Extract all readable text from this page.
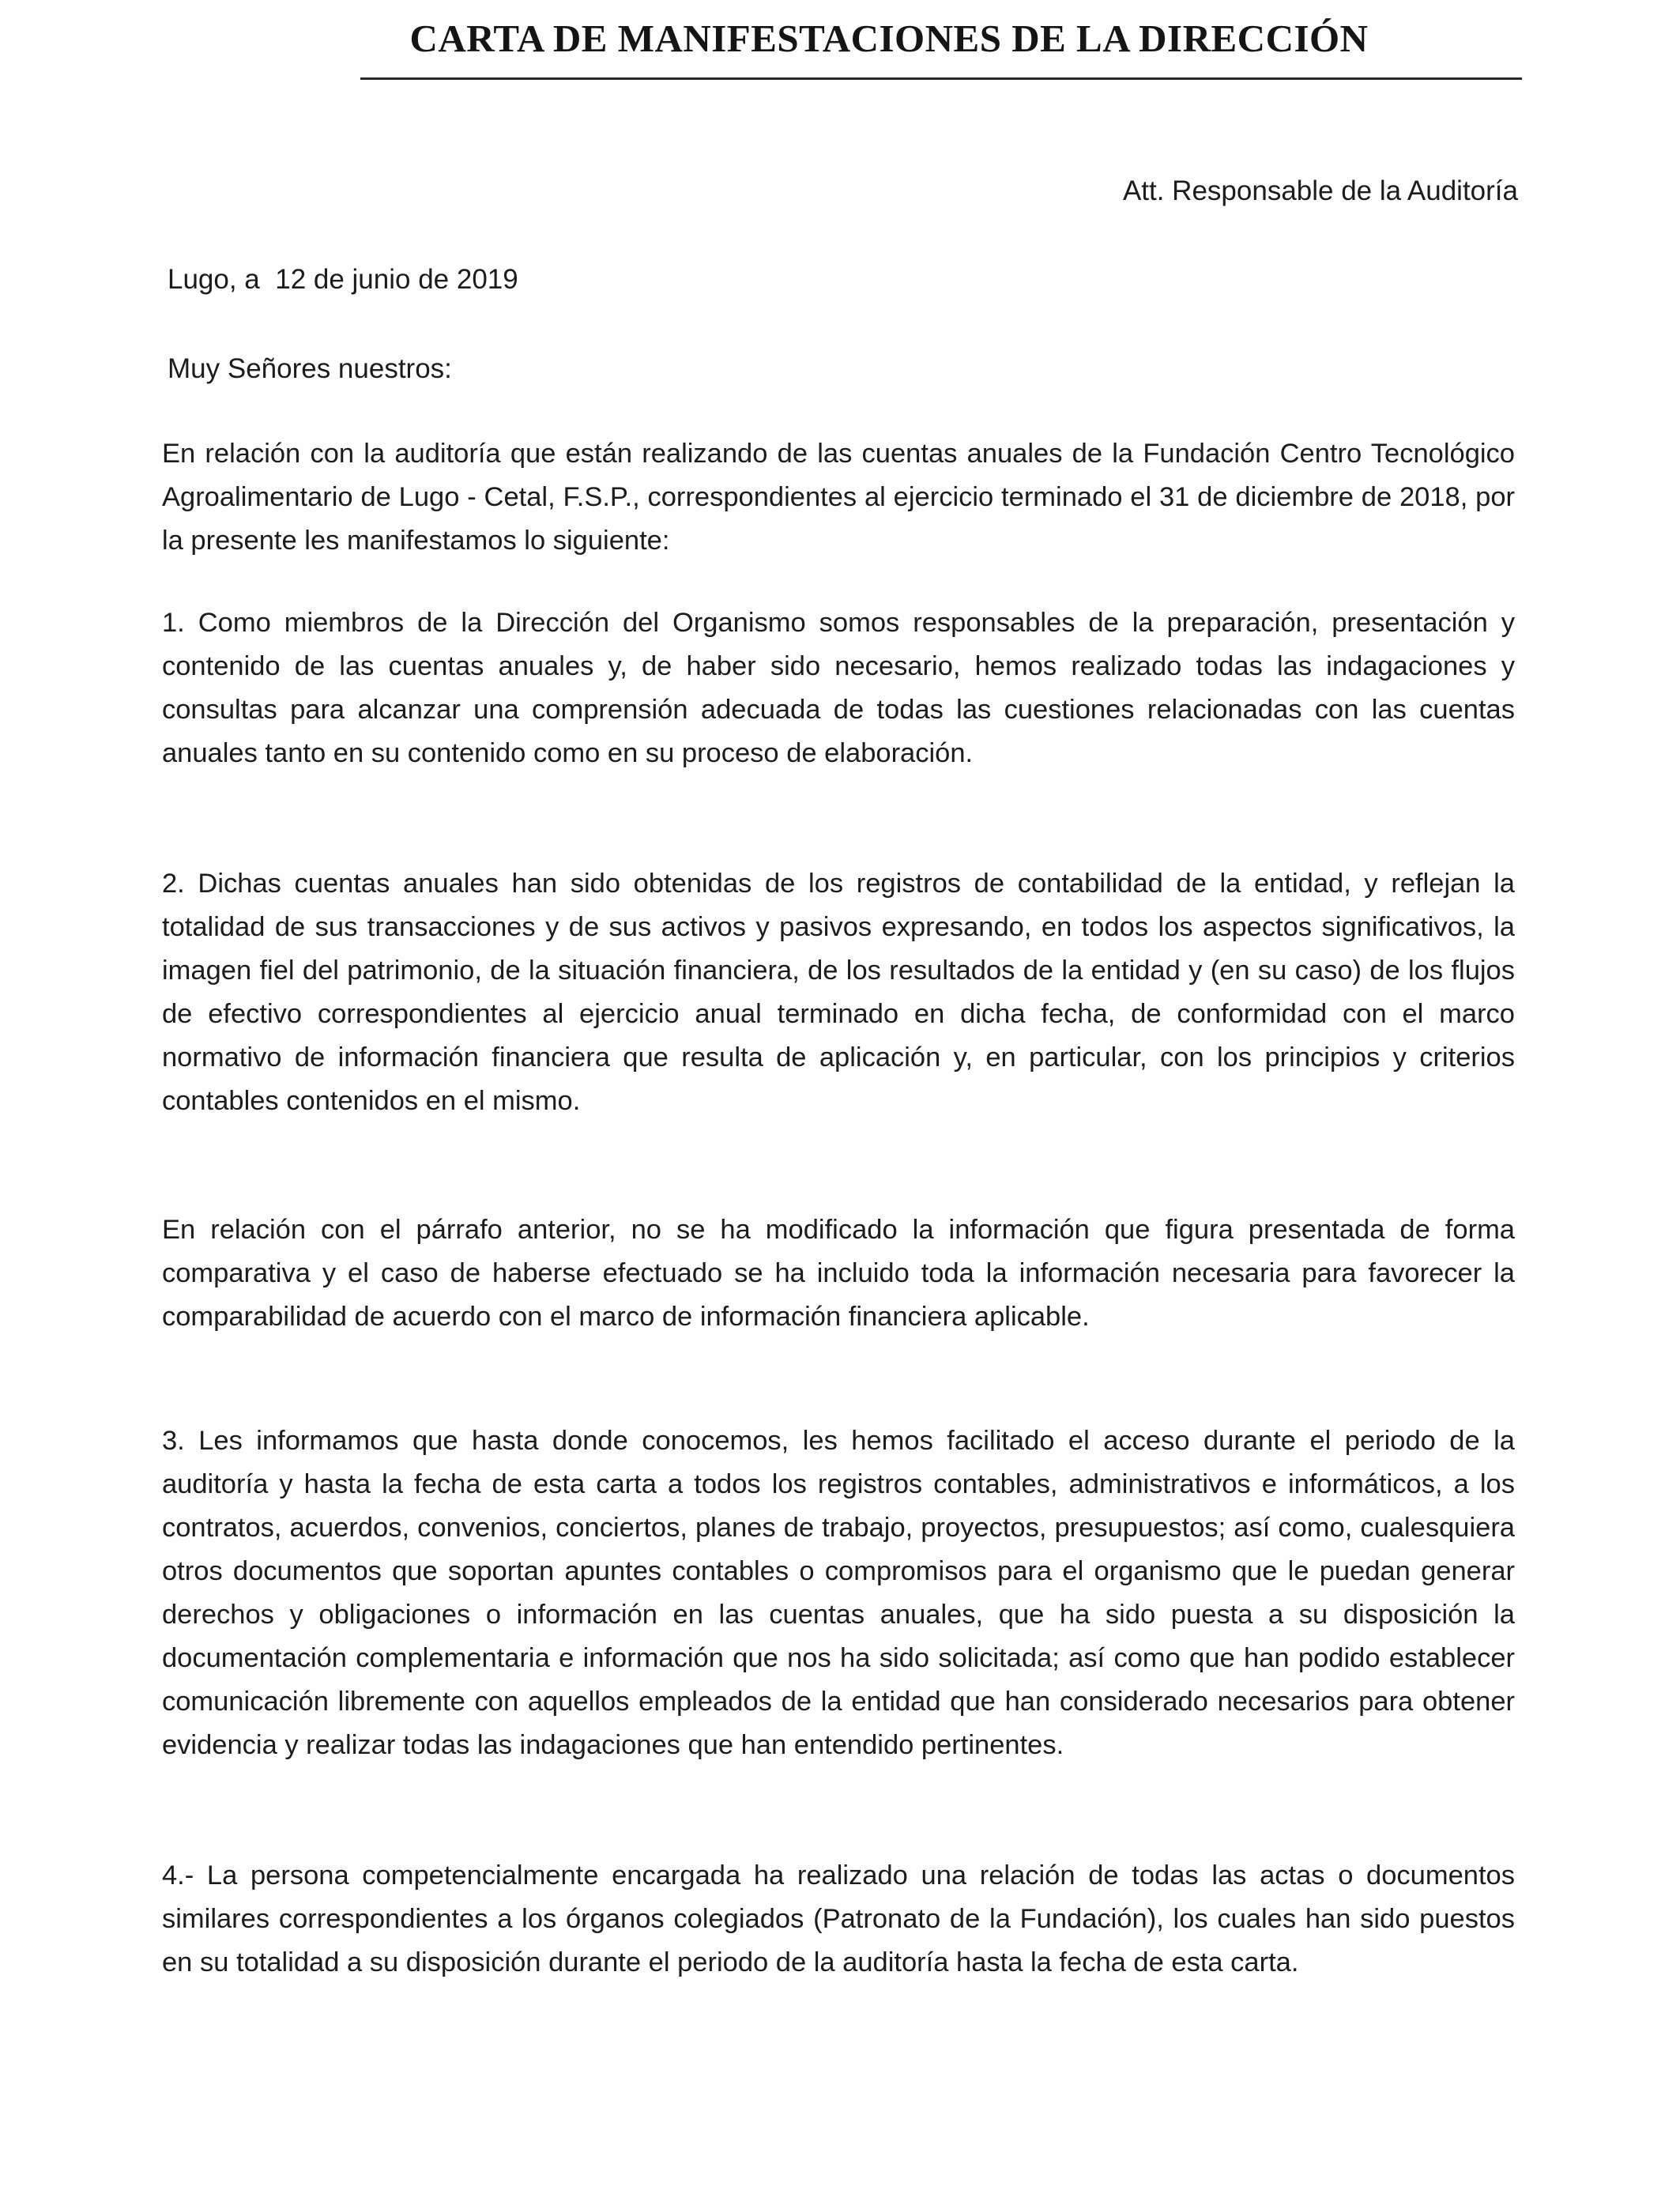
CARTA DE MANIFESTACIONES DE LA DIRECCIÓN

Att. Responsable de la Auditoría

Lugo, a  12 de junio de 2019

Muy Señores nuestros:

En relación con la auditoría que están realizando de las cuentas anuales de la Fundación Centro Tecnológico Agroalimentario de Lugo - Cetal, F.S.P., correspondientes al ejercicio terminado el 31 de diciembre de 2018, por la presente les manifestamos lo siguiente:

1. Como miembros de la Dirección del Organismo somos responsables de la preparación, presentación y contenido de las cuentas anuales y, de haber sido necesario, hemos realizado todas las indagaciones y consultas para alcanzar una comprensión adecuada de todas las cuestiones relacionadas con las cuentas anuales tanto en su contenido como en su proceso de elaboración.

2. Dichas cuentas anuales han sido obtenidas de los registros de contabilidad de la entidad, y reflejan la totalidad de sus transacciones y de sus activos y pasivos expresando, en todos los aspectos significativos, la imagen fiel del patrimonio, de la situación financiera, de los resultados de la entidad y (en su caso) de los flujos de efectivo correspondientes al ejercicio anual terminado en dicha fecha, de conformidad con el marco normativo de información financiera que resulta de aplicación y, en particular, con los principios y criterios contables contenidos en el mismo.

En relación con el párrafo anterior, no se ha modificado la información que figura presentada de forma comparativa y el caso de haberse efectuado se ha incluido toda la información necesaria para favorecer la comparabilidad de acuerdo con el marco de información financiera aplicable.

3. Les informamos que hasta donde conocemos, les hemos facilitado el acceso durante el periodo de la auditoría y hasta la fecha de esta carta a todos los registros contables, administrativos e informáticos, a los contratos, acuerdos, convenios, conciertos, planes de trabajo, proyectos, presupuestos; así como, cualesquiera otros documentos que soportan apuntes contables o compromisos para el organismo que le puedan generar derechos y obligaciones o información en las cuentas anuales, que ha sido puesta a su disposición la documentación complementaria e información que nos ha sido solicitada; así como que han podido establecer comunicación libremente con aquellos empleados de la entidad que han considerado necesarios para obtener evidencia y realizar todas las indagaciones que han entendido pertinentes.

4.- La persona competencialmente encargada ha realizado una relación de todas las actas o documentos similares correspondientes a los órganos colegiados (Patronato de la Fundación), los cuales han sido puestos en su totalidad a su disposición durante el periodo de la auditoría hasta la fecha de esta carta.
